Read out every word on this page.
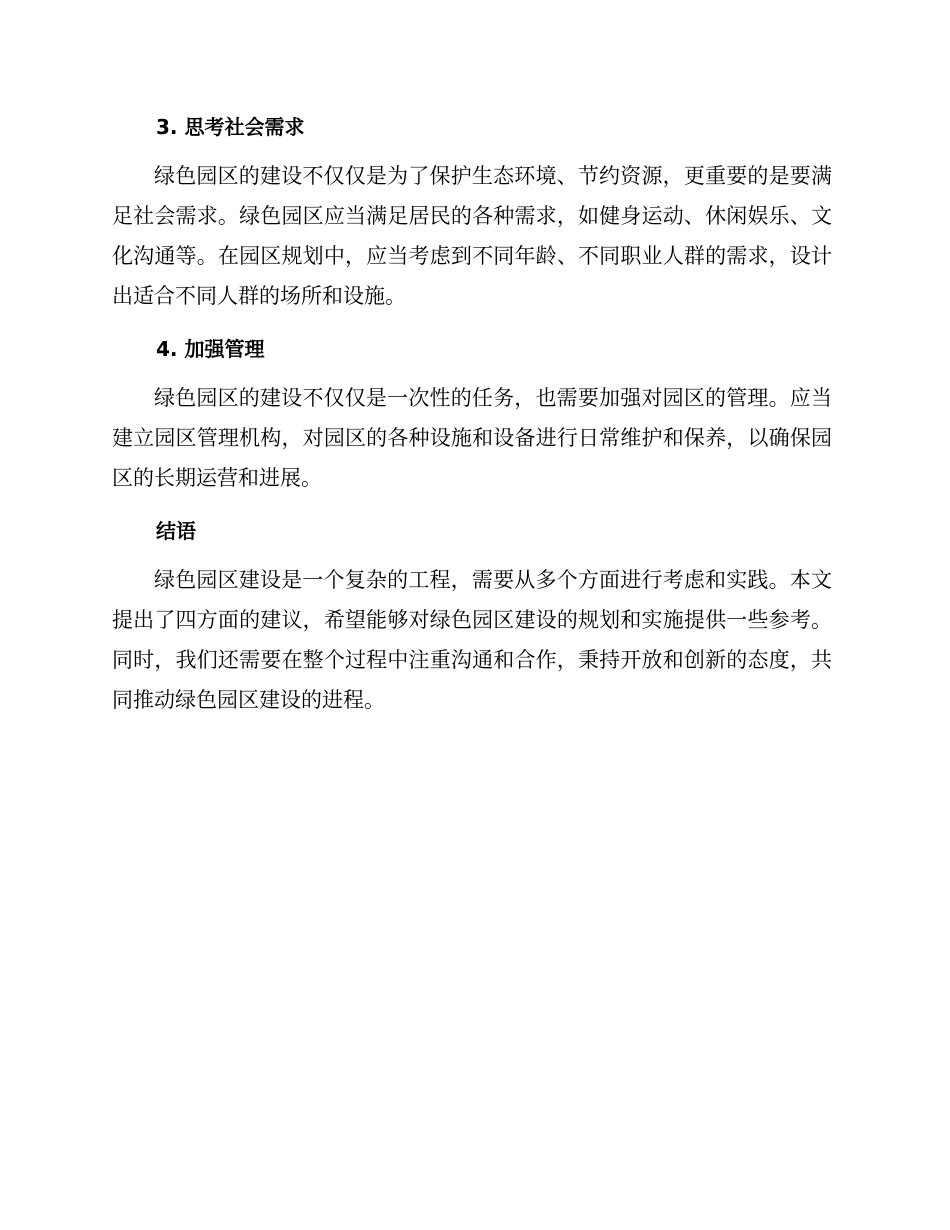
3. 思考社会需求

绿色园区的建设不仅仅是为了保护生态环境、节约资源，更重要的是要满足社会需求。绿色园区应当满足居民的各种需求，如健身运动、休闲娱乐、文化沟通等。在园区规划中，应当考虑到不同年龄、不同职业人群的需求，设计出适合不同人群的场所和设施。

4. 加强管理

绿色园区的建设不仅仅是一次性的任务，也需要加强对园区的管理。应当建立园区管理机构，对园区的各种设施和设备进行日常维护和保养，以确保园区的长期运营和进展。

结语

绿色园区建设是一个复杂的工程，需要从多个方面进行考虑和实践。本文提出了四方面的建议，希望能够对绿色园区建设的规划和实施提供一些参考。同时，我们还需要在整个过程中注重沟通和合作，秉持开放和创新的态度，共同推动绿色园区建设的进程。
